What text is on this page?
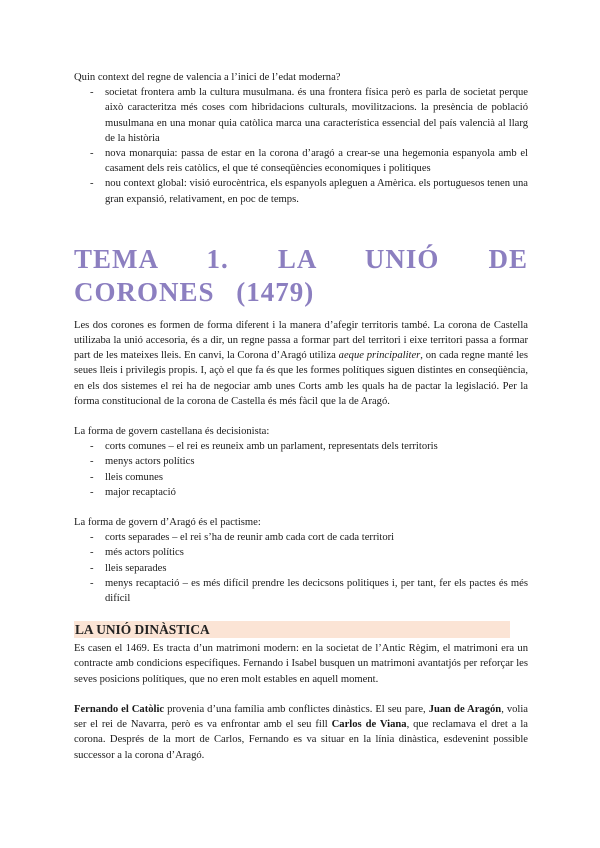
Quin context del regne de valencia a l’inici de l’edat moderna?

- societat frontera amb la cultura musulmana. és una frontera física però es parla de societat perque això caracteritza més coses com hibridacions culturals, movilitzacions. la presència de població musulmana en una monar quia catòlica marca una característica essencial del país valencià al llarg de la història
- nova monarquia: passa de estar en la corona d’aragó a crear-se una hegemonia espanyola amb el casament dels reis catòlics, el que té conseqüències economiques i politiques
- nou context global: visió eurocèntrica, els espanyols apleguen a Amèrica. els portuguesos tenen una gran expansió, relativament, en poc de temps.
TEMA 1. LA UNIÓ DE CORONES (1479)

Les dos corones es formen de forma diferent i la manera d’afegir territoris també. La corona de Castella utilizaba la unió accesoria, és a dir, un regne passa a formar part del territori i eixe territori passa a formar part de les mateixes lleis. En canvi, la Corona d’Aragó utiliza aeque principaliter, on cada regne manté les seues lleis i privilegis propis. I, açò el que fa és que les formes polítiques siguen distintes en conseqüència, en els dos sistemes el rei ha de negociar amb unes Corts amb les quals ha de pactar la legislació. Per la forma constitucional de la corona de Castella és més fàcil que la de Aragó.

La forma de govern castellana és decisionista:

- corts comunes – el rei es reuneix amb un parlament, representats dels territoris
- menys actors polítics
- lleis comunes
- major recaptació

La forma de govern d’Aragó és el pactisme:

- corts separades – el rei s’ha de reunir amb cada cort de cada territori
- més actors polítics
- lleis separades
- menys recaptació – es més difícil prendre les decicsons politiques i, per tant, fer els pactes és més difícil
LA UNIÓ DINÀSTICA

Es casen el 1469. Es tracta d’un matrimoni modern: en la societat de l’Antic Règim, el matrimoni era un contracte amb condicions específiques. Fernando i Isabel busquen un matrimoni avantatjós per reforçar les seves posicions polítiques, que no eren molt estables en aquell moment.

Fernando el Catòlic provenia d’una família amb conflictes dinàstics. El seu pare, Juan de Aragón, volia ser el rei de Navarra, però es va enfrontar amb el seu fill Carlos de Viana, que reclamava el dret a la corona. Després de la mort de Carlos, Fernando es va situar en la línia dinàstica, esdevenint possible successor a la corona d’Aragó.
